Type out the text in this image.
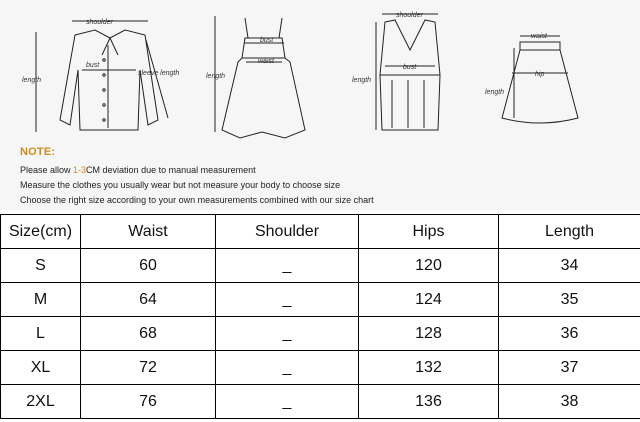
shoulder
bust
length
sleeve length
bust
waist
length
shoulder
bust
length
waist
hip
length
NOTE:
Please allow 1-3CM deviation due to manual measurement
Measure the clothes you usually wear but not measure your body to choose size
Choose the right size according to your own measurements combined with our size chart
Size(cm)	Waist	Shoulder	Hips	Length
S	60	_	120	34
M	64	_	124	35
L	68	_	128	36
XL	72	_	132	37
2XL	76	_	136	38
